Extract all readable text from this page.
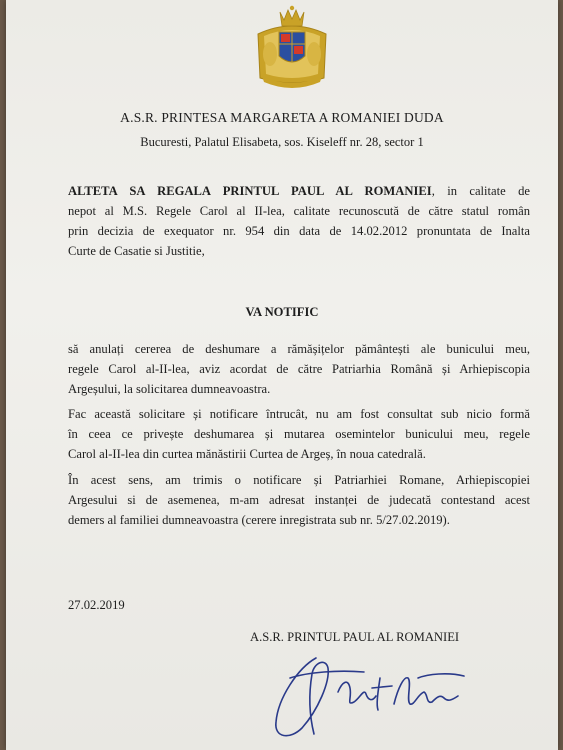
A.S.R. PRINTESA MARGARETA A ROMANIEI DUDA
Bucuresti, Palatul Elisabeta, sos. Kiseleff nr. 28, sector 1
ALTETA SA REGALA PRINTUL PAUL AL ROMANIEI, in calitate de
nepot al M.S. Regele Carol al II-lea, calitate recunoscută de către statul român
prin decizia de exequator nr. 954 din data de 14.02.2012 pronuntata de Inalta
Curte de Casatie si Justitie,
VA NOTIFIC
să anulați cererea de deshumare a rămășițelor pământești ale bunicului meu,
regele Carol al-II-lea, aviz acordat de către Patriarhia Română și Arhiepiscopia
Argeșului, la solicitarea dumneavoastra.
Fac această solicitare și notificare întrucât, nu am fost consultat sub nicio formă
în ceea ce privește deshumarea și mutarea osemintelor bunicului meu, regele
Carol al-II-lea din curtea mănăstirii Curtea de Argeș, în noua catedrală.
În acest sens, am trimis o notificare și Patriarhiei Romane, Arhiepiscopiei
Argesului si de asemenea, m-am adresat instanței de judecată contestand acest
demers al familiei dumneavoastra (cerere inregistrata sub nr. 5/27.02.2019).
27.02.2019
A.S.R. PRINTUL PAUL AL ROMANIEI
